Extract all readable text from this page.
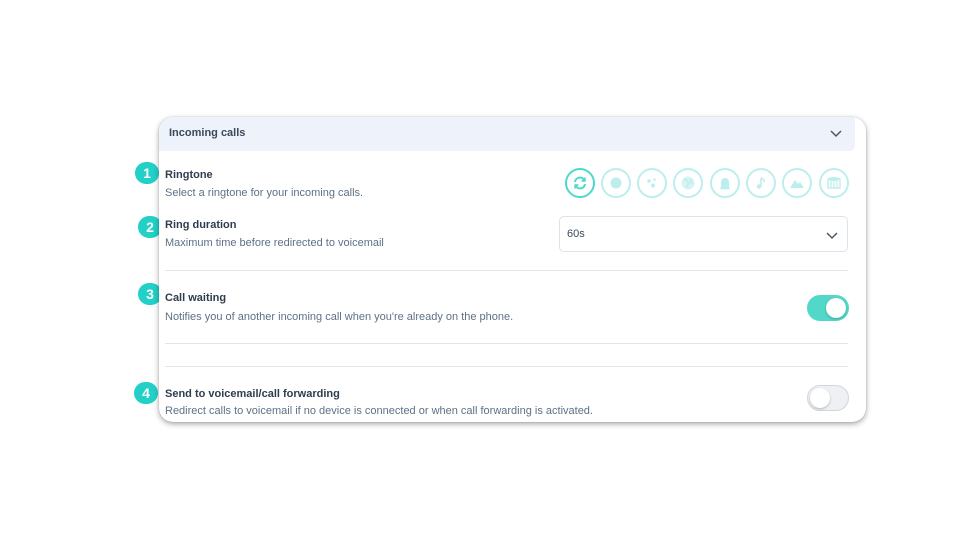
1
2
3
4
Incoming calls
Ringtone
Select a ringtone for your incoming calls.
Ring duration
Maximum time before redirected to voicemail
60s
Call waiting
Notifies you of another incoming call when you're already on the phone.
Send to voicemail/call forwarding
Redirect calls to voicemail if no device is connected or when call forwarding is activated.
